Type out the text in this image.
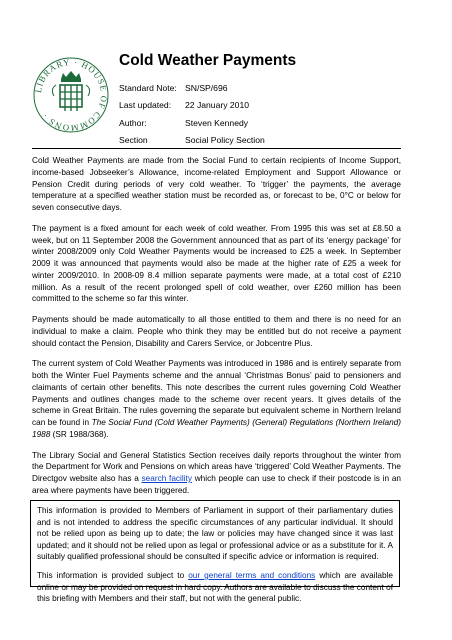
LIBRARY · HOUSE OF COMMONS ·
Cold Weather Payments
Standard Note: SN/SP/696
Last updated:	22 January 2010
Author:	Steven Kennedy
Section	Social Policy Section

Cold Weather Payments are made from the Social Fund to certain recipients of Income Support, income-based Jobseeker’s Allowance, income-related Employment and Support Allowance or Pension Credit during periods of very cold weather. To ‘trigger’ the payments, the average temperature at a specified weather station must be recorded as, or forecast to be, 0°C or below for seven consecutive days.

The payment is a fixed amount for each week of cold weather. From 1995 this was set at £8.50 a week, but on 11 September 2008 the Government announced that as part of its ‘energy package’ for winter 2008/2009 only Cold Weather Payments would be increased to £25 a week. In September 2009 it was announced that payments would also be made at the higher rate of £25 a week for winter 2009/2010. In 2008-09 8.4 million separate payments were made, at a total cost of £210 million. As a result of the recent prolonged spell of cold weather, over £260 million has been committed to the scheme so far this winter.

Payments should be made automatically to all those entitled to them and there is no need for an individual to make a claim. People who think they may be entitled but do not receive a payment should contact the Pension, Disability and Carers Service, or Jobcentre Plus.

The current system of Cold Weather Payments was introduced in 1986 and is entirely separate from both the Winter Fuel Payments scheme and the annual ‘Christmas Bonus’ paid to pensioners and claimants of certain other benefits. This note describes the current rules governing Cold Weather Payments and outlines changes made to the scheme over recent years. It gives details of the scheme in Great Britain. The rules governing the separate but equivalent scheme in Northern Ireland can be found in The Social Fund (Cold Weather Payments) (General) Regulations (Northern Ireland) 1988 (SR 1988/368).

The Library Social and General Statistics Section receives daily reports throughout the winter from the Department for Work and Pensions on which areas have ‘triggered’ Cold Weather Payments. The Directgov website also has a search facility which people can use to check if their postcode is in an area where payments have been triggered.

This information is provided to Members of Parliament in support of their parliamentary duties and is not intended to address the specific circumstances of any particular individual. It should not be relied upon as being up to date; the law or policies may have changed since it was last updated; and it should not be relied upon as legal or professional advice or as a substitute for it. A suitably qualified professional should be consulted if specific advice or information is required.

This information is provided subject to our general terms and conditions which are available online or may be provided on request in hard copy. Authors are available to discuss the content of this briefing with Members and their staff, but not with the general public.
